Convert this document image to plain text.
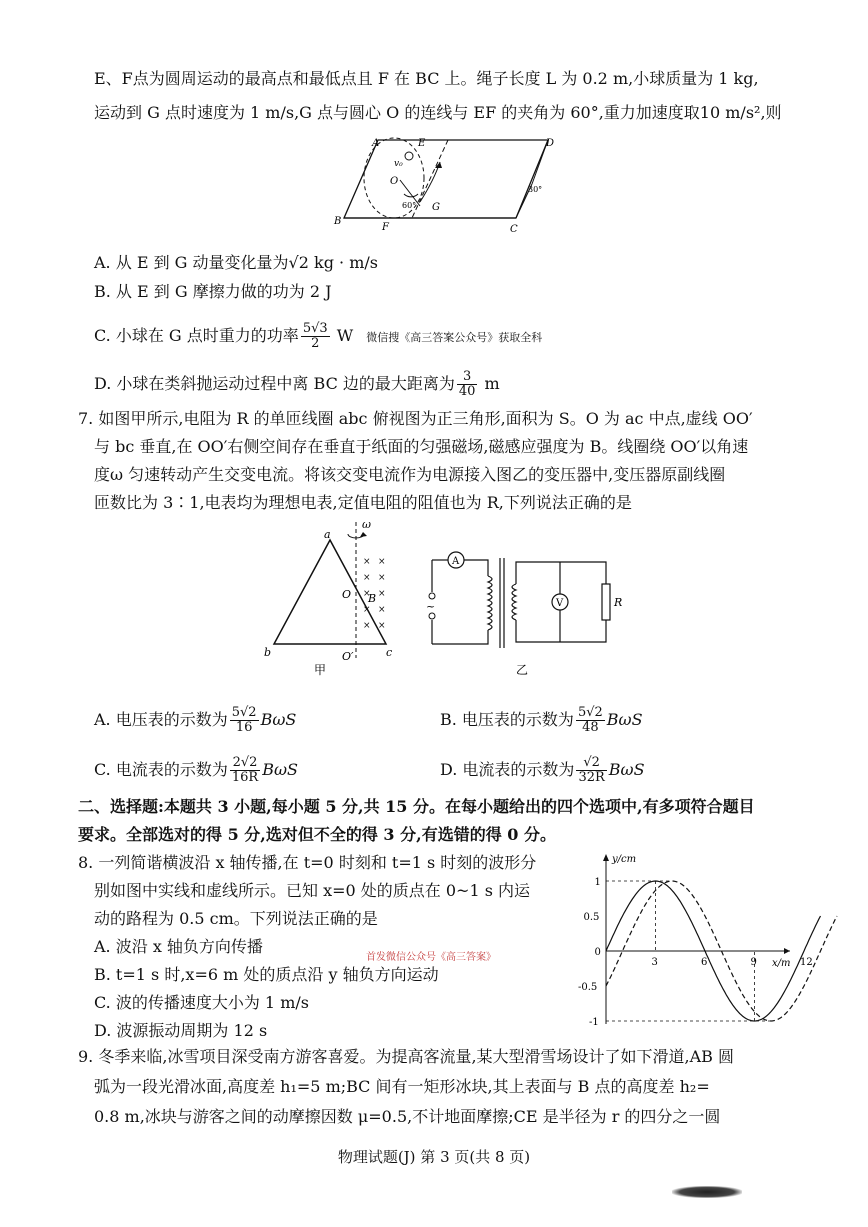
E、F点为圆周运动的最高点和最低点且 F 在 BC 上。绳子长度 L 为 0.2 m,小球质量为 1 kg,
运动到 G 点时速度为 1 m/s,G 点与圆心 O 的连线与 EF 的夹角为 60°,重力加速度取10 m/s²,则
A	E	D
B
F	C
O
G
v₀
60°
30°
A. 从 E 到 G 动量变化量为√2 kg · m/s
B. 从 E 到 G 摩擦力做的功为 2 J
C. 小球在 G 点时重力的功率 $\frac{5√3}{2}$ W 微信搜《高三答案公众号》获取全科
D. 小球在类斜抛运动过程中离 BC 边的最大距离为 $\frac{3}{40}$ m
7. 如图甲所示,电阻为 R 的单匝线圈 abc 俯视图为正三角形,面积为 S。O 为 ac 中点,虚线 OO′
与 bc 垂直,在 OO′右侧空间存在垂直于纸面的匀强磁场,磁感应强度为 B。线圈绕 OO′以角速
度ω 匀速转动产生交变电流。将该交变电流作为电源接入图乙的变压器中,变压器原副线圈
匝数比为 3∶1,电表均为理想电表,定值电阻的阻值也为 R,下列说法正确的是
× ×
× ×
× ×
× ×
× ×
a
b	c
O B
O′
ω
甲
A
~	V	R
乙
A. 电压表的示数为 $\frac{5√2}{16}$ BωS	B. 电压表的示数为 $\frac{5√2}{48}$ BωS
C. 电流表的示数为 $\frac{2√2}{16R}$ BωS	D. 电流表的示数为 $\frac{√2}{32R}$ BωS
二、选择题:本题共 3 小题,每小题 5 分,共 15 分。在每小题给出的四个选项中,有多项符合题目
要求。全部选对的得 5 分,选对但不全的得 3 分,有选错的得 0 分。
8. 一列简谐横波沿 x 轴传播,在 t=0 时刻和 t=1 s 时刻的波形分
别如图中实线和虚线所示。已知 x=0 处的质点在 0~1 s 内运
动的路程为 0.5 cm。下列说法正确的是
A. 波沿 x 轴负方向传播
B. t=1 s 时,x=6 m 处的质点沿 y 轴负方向运动
C. 波的传播速度大小为 1 m/s
D. 波源振动周期为 12 s
首发微信公众号《高三答案》
y/cm
x/m
3	6	9	12
1
0.5
0
-0.5
-1
9. 冬季来临,冰雪项目深受南方游客喜爱。为提高客流量,某大型滑雪场设计了如下滑道,AB 圆
弧为一段光滑冰面,高度差 h₁=5 m;BC 间有一矩形冰块,其上表面与 B 点的高度差 h₂=
0.8 m,冰块与游客之间的动摩擦因数 μ=0.5,不计地面摩擦;CE 是半径为 r 的四分之一圆
物理试题(J) 第 3 页(共 8 页)
